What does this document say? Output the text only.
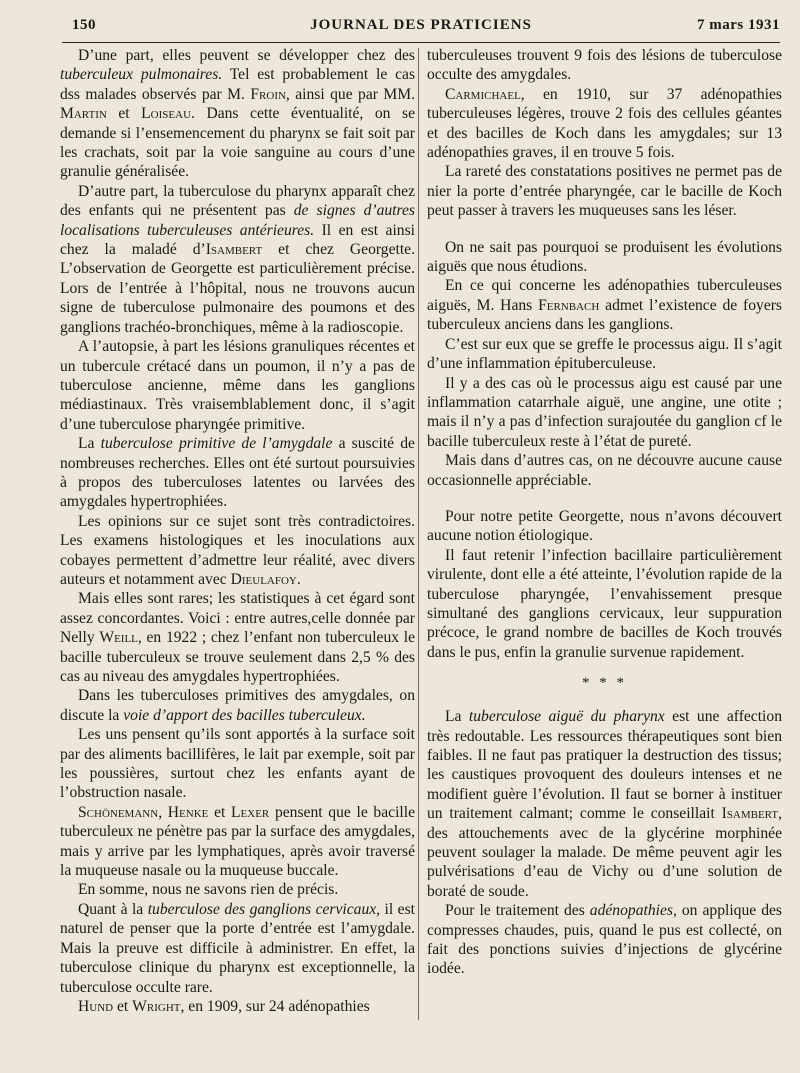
150	JOURNAL DES PRATICIENS	7 mars 1931

D’une part, elles peuvent se développer chez des tuberculeux pulmonaires. Tel est probablement le cas dss malades observés par M. Froin, ainsi que par MM. Martin et Loiseau. Dans cette éventualité, on se demande si l’ensemencement du pharynx se fait soit par les crachats, soit par la voie sanguine au cours d’une granulie généralisée.

D’autre part, la tuberculose du pharynx apparaît chez des enfants qui ne présentent pas de signes d’autres localisations tuberculeuses antérieures. Il en est ainsi chez la maladé d’Isambert et chez Georgette. L’observation de Georgette est particulièrement précise. Lors de l’entrée à l’hôpital, nous ne trouvons aucun signe de tuberculose pulmonaire des poumons et des ganglions trachéo-bronchiques, même à la radioscopie.

A l’autopsie, à part les lésions granuliques récentes et un tubercule crétacé dans un poumon, il n’y a pas de tuberculose ancienne, même dans les ganglions médiastinaux. Très vraisemblablement donc, il s’agit d’une tuberculose pharyngée primitive.

La tuberculose primitive de l’amygdale a suscité de nombreuses recherches. Elles ont été surtout poursuivies à propos des tuberculoses latentes ou larvées des amygdales hypertrophiées.

Les opinions sur ce sujet sont très contradictoires. Les examens histologiques et les inoculations aux cobayes permettent d’admettre leur réalité, avec divers auteurs et notamment avec Dieulafoy.

Mais elles sont rares; les statistiques à cet égard sont assez concordantes. Voici : entre autres,celle donnée par Nelly Weill, en 1922 ; chez l’enfant non tuberculeux le bacille tuberculeux se trouve seulement dans 2,5 % des cas au niveau des amygdales hypertrophiées.

Dans les tuberculoses primitives des amygdales, on discute la voie d’apport des bacilles tuberculeux.

Les uns pensent qu’ils sont apportés à la surface soit par des aliments bacillifères, le lait par exemple, soit par les poussières, surtout chez les enfants ayant de l’obstruction nasale.

Schönemann, Henke et Lexer pensent que le bacille tuberculeux ne pénètre pas par la surface des amygdales, mais y arrive par les lymphatiques, après avoir traversé la muqueuse nasale ou la muqueuse buccale.

En somme, nous ne savons rien de précis.

Quant à la tuberculose des ganglions cervicaux, il est naturel de penser que la porte d’entrée est l’amygdale. Mais la preuve est difficile à administrer. En effet, la tuberculose clinique du pharynx est exceptionnelle, la tuberculose occulte rare.

Hund et Wright, en 1909, sur 24 adénopathies

tuberculeuses trouvent 9 fois des lésions de tuberculose occulte des amygdales.

Carmichael, en 1910, sur 37 adénopathies tuberculeuses légères, trouve 2 fois des cellules géantes et des bacilles de Koch dans les amygdales; sur 13 adénopathies graves, il en trouve 5 fois.

La rareté des constatations positives ne permet pas de nier la porte d’entrée pharyngée, car le bacille de Koch peut passer à travers les muqueuses sans les léser.

On ne sait pas pourquoi se produisent les évolutions aiguës que nous étudions.

En ce qui concerne les adénopathies tuberculeuses aiguës, M. Hans Fernbach admet l’existence de foyers tuberculeux anciens dans les ganglions.

C’est sur eux que se greffe le processus aigu. Il s’agit d’une inflammation épituberculeuse.

Il y a des cas où le processus aigu est causé par une inflammation catarrhale aiguë, une angine, une otite ; mais il n’y a pas d’infection surajoutée du ganglion cf le bacille tuberculeux reste à l’état de pureté.

Mais dans d’autres cas, on ne découvre aucune cause occasionnelle appréciable.

Pour notre petite Georgette, nous n’avons découvert aucune notion étiologique.

Il faut retenir l’infection bacillaire particulièrement virulente, dont elle a été atteinte, l’évolution rapide de la tuberculose pharyngée, l’envahissement presque simultané des ganglions cervicaux, leur suppuration précoce, le grand nombre de bacilles de Koch trouvés dans le pus, enfin la granulie survenue rapidement.

* * *

La tuberculose aiguë du pharynx est une affection très redoutable. Les ressources thérapeutiques sont bien faibles. Il ne faut pas pratiquer la destruction des tissus; les caustiques provoquent des douleurs intenses et ne modifient guère l’évolution. Il faut se borner à instituer un traitement calmant; comme le conseillait Isambert, des attouchements avec de la glycérine morphinée peuvent soulager la malade. De même peuvent agir les pulvérisations d’eau de Vichy ou d’une solution de boraté de soude.

Pour le traitement des adénopathies, on applique des compresses chaudes, puis, quand le pus est collecté, on fait des ponctions suivies d’injections de glycérine iodée.
